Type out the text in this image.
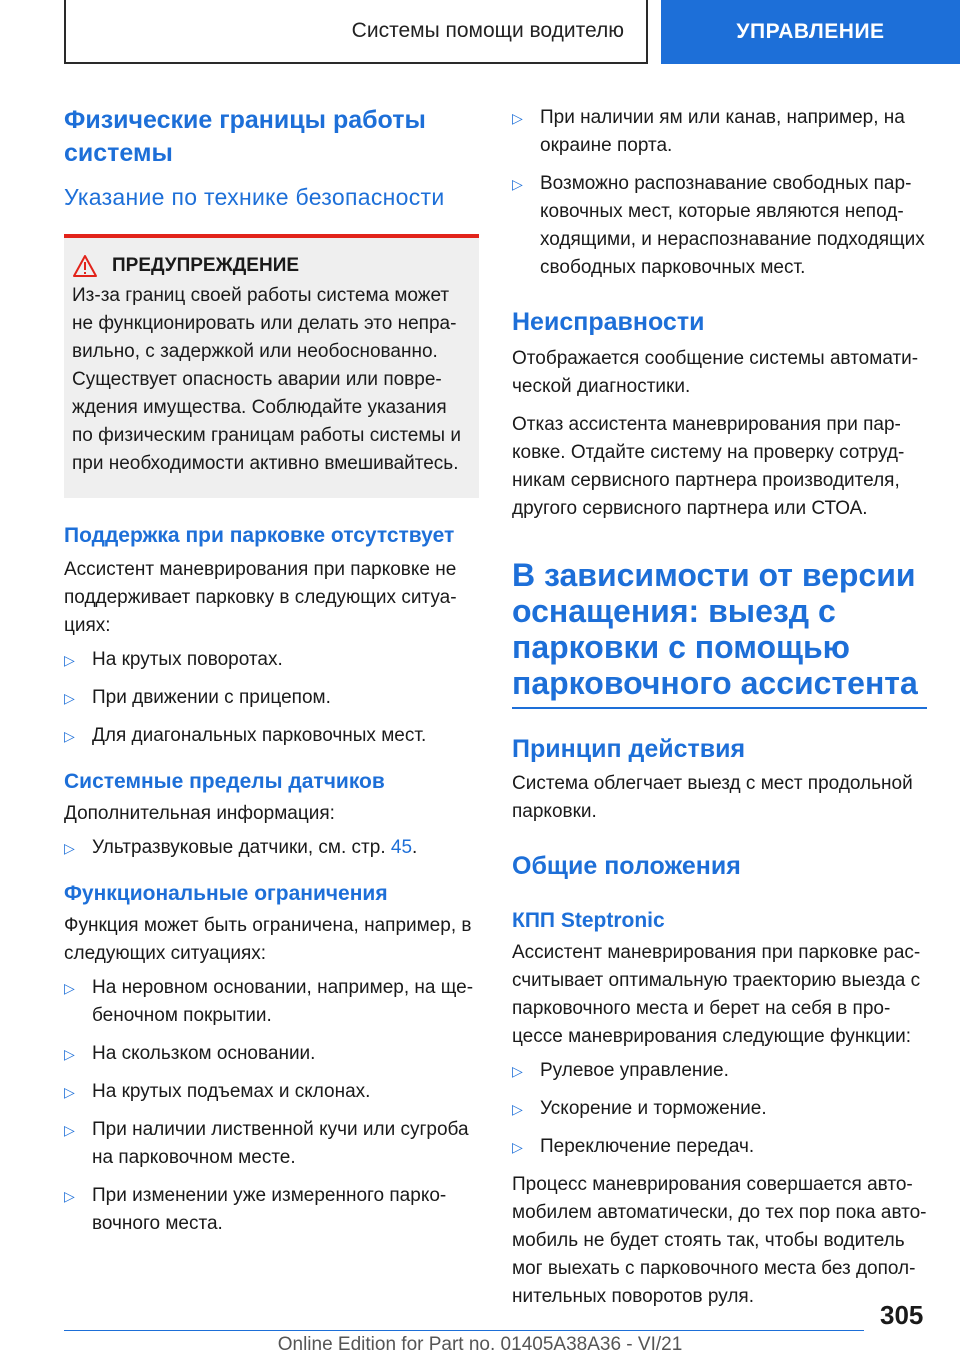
Системы помощи водителю	УПРАВЛЕНИЕ
Физические границы работы системы
Указание по технике безопасности
ПРЕДУПРЕЖДЕНИЕ

Из-за границ своей работы система может не функционировать или делать это непра-вильно, с задержкой или необоснованно. Существует опасность аварии или повре-ждения имущества. Соблюдайте указания по физическим границам работы системы и при необходимости активно вмешивайтесь.

Поддержка при парковке отсутствует

Ассистент маневрирования при парковке не поддерживает парковку в следующих ситуа-циях:

▷ На крутых поворотах.
▷ При движении с прицепом.
▷ Для диагональных парковочных мест.
Системные пределы датчиков

Дополнительная информация:

▷ Ультразвуковые датчики, см. стр. 45.
Функциональные ограничения

Функция может быть ограничена, например, в следующих ситуациях:

▷ На неровном основании, например, на ще-беночном покрытии.
▷ На скользком основании.
▷ На крутых подъемах и склонах.
▷ При наличии лиственной кучи или сугроба на парковочном месте.
▷ При изменении уже измеренного парко-вочного места.
▷ При наличии ям или канав, например, на окраине порта.
▷ Возможно распознавание свободных пар-ковочных мест, которые являются непод-ходящими, и нераспознавание подходящих свободных парковочных мест.
Неисправности

Отображается сообщение системы автомати-ческой диагностики.

Отказ ассистента маневрирования при пар-ковке. Отдайте систему на проверку сотруд-никам сервисного партнера производителя, другого сервисного партнера или СТОА.

В зависимости от версии оснащения: выезд с парковки с помощью парковочного ассистента
Принцип действия

Система облегчает выезд с мест продольной парковки.

Общие положения
КПП Steptronic

Ассистент маневрирования при парковке рас-считывает оптимальную траекторию выезда с парковочного места и берет на себя в про-цессе маневрирования следующие функции:

▷ Рулевое управление.
▷ Ускорение и торможение.
▷ Переключение передач.

Процесс маневрирования совершается авто-мобилем автоматически, до тех пор пока авто-мобиль не будет стоять так, чтобы водитель мог выехать с парковочного места без допол-нительных поворотов руля.

305
Online Edition for Part no. 01405A38A36 - VI/21
